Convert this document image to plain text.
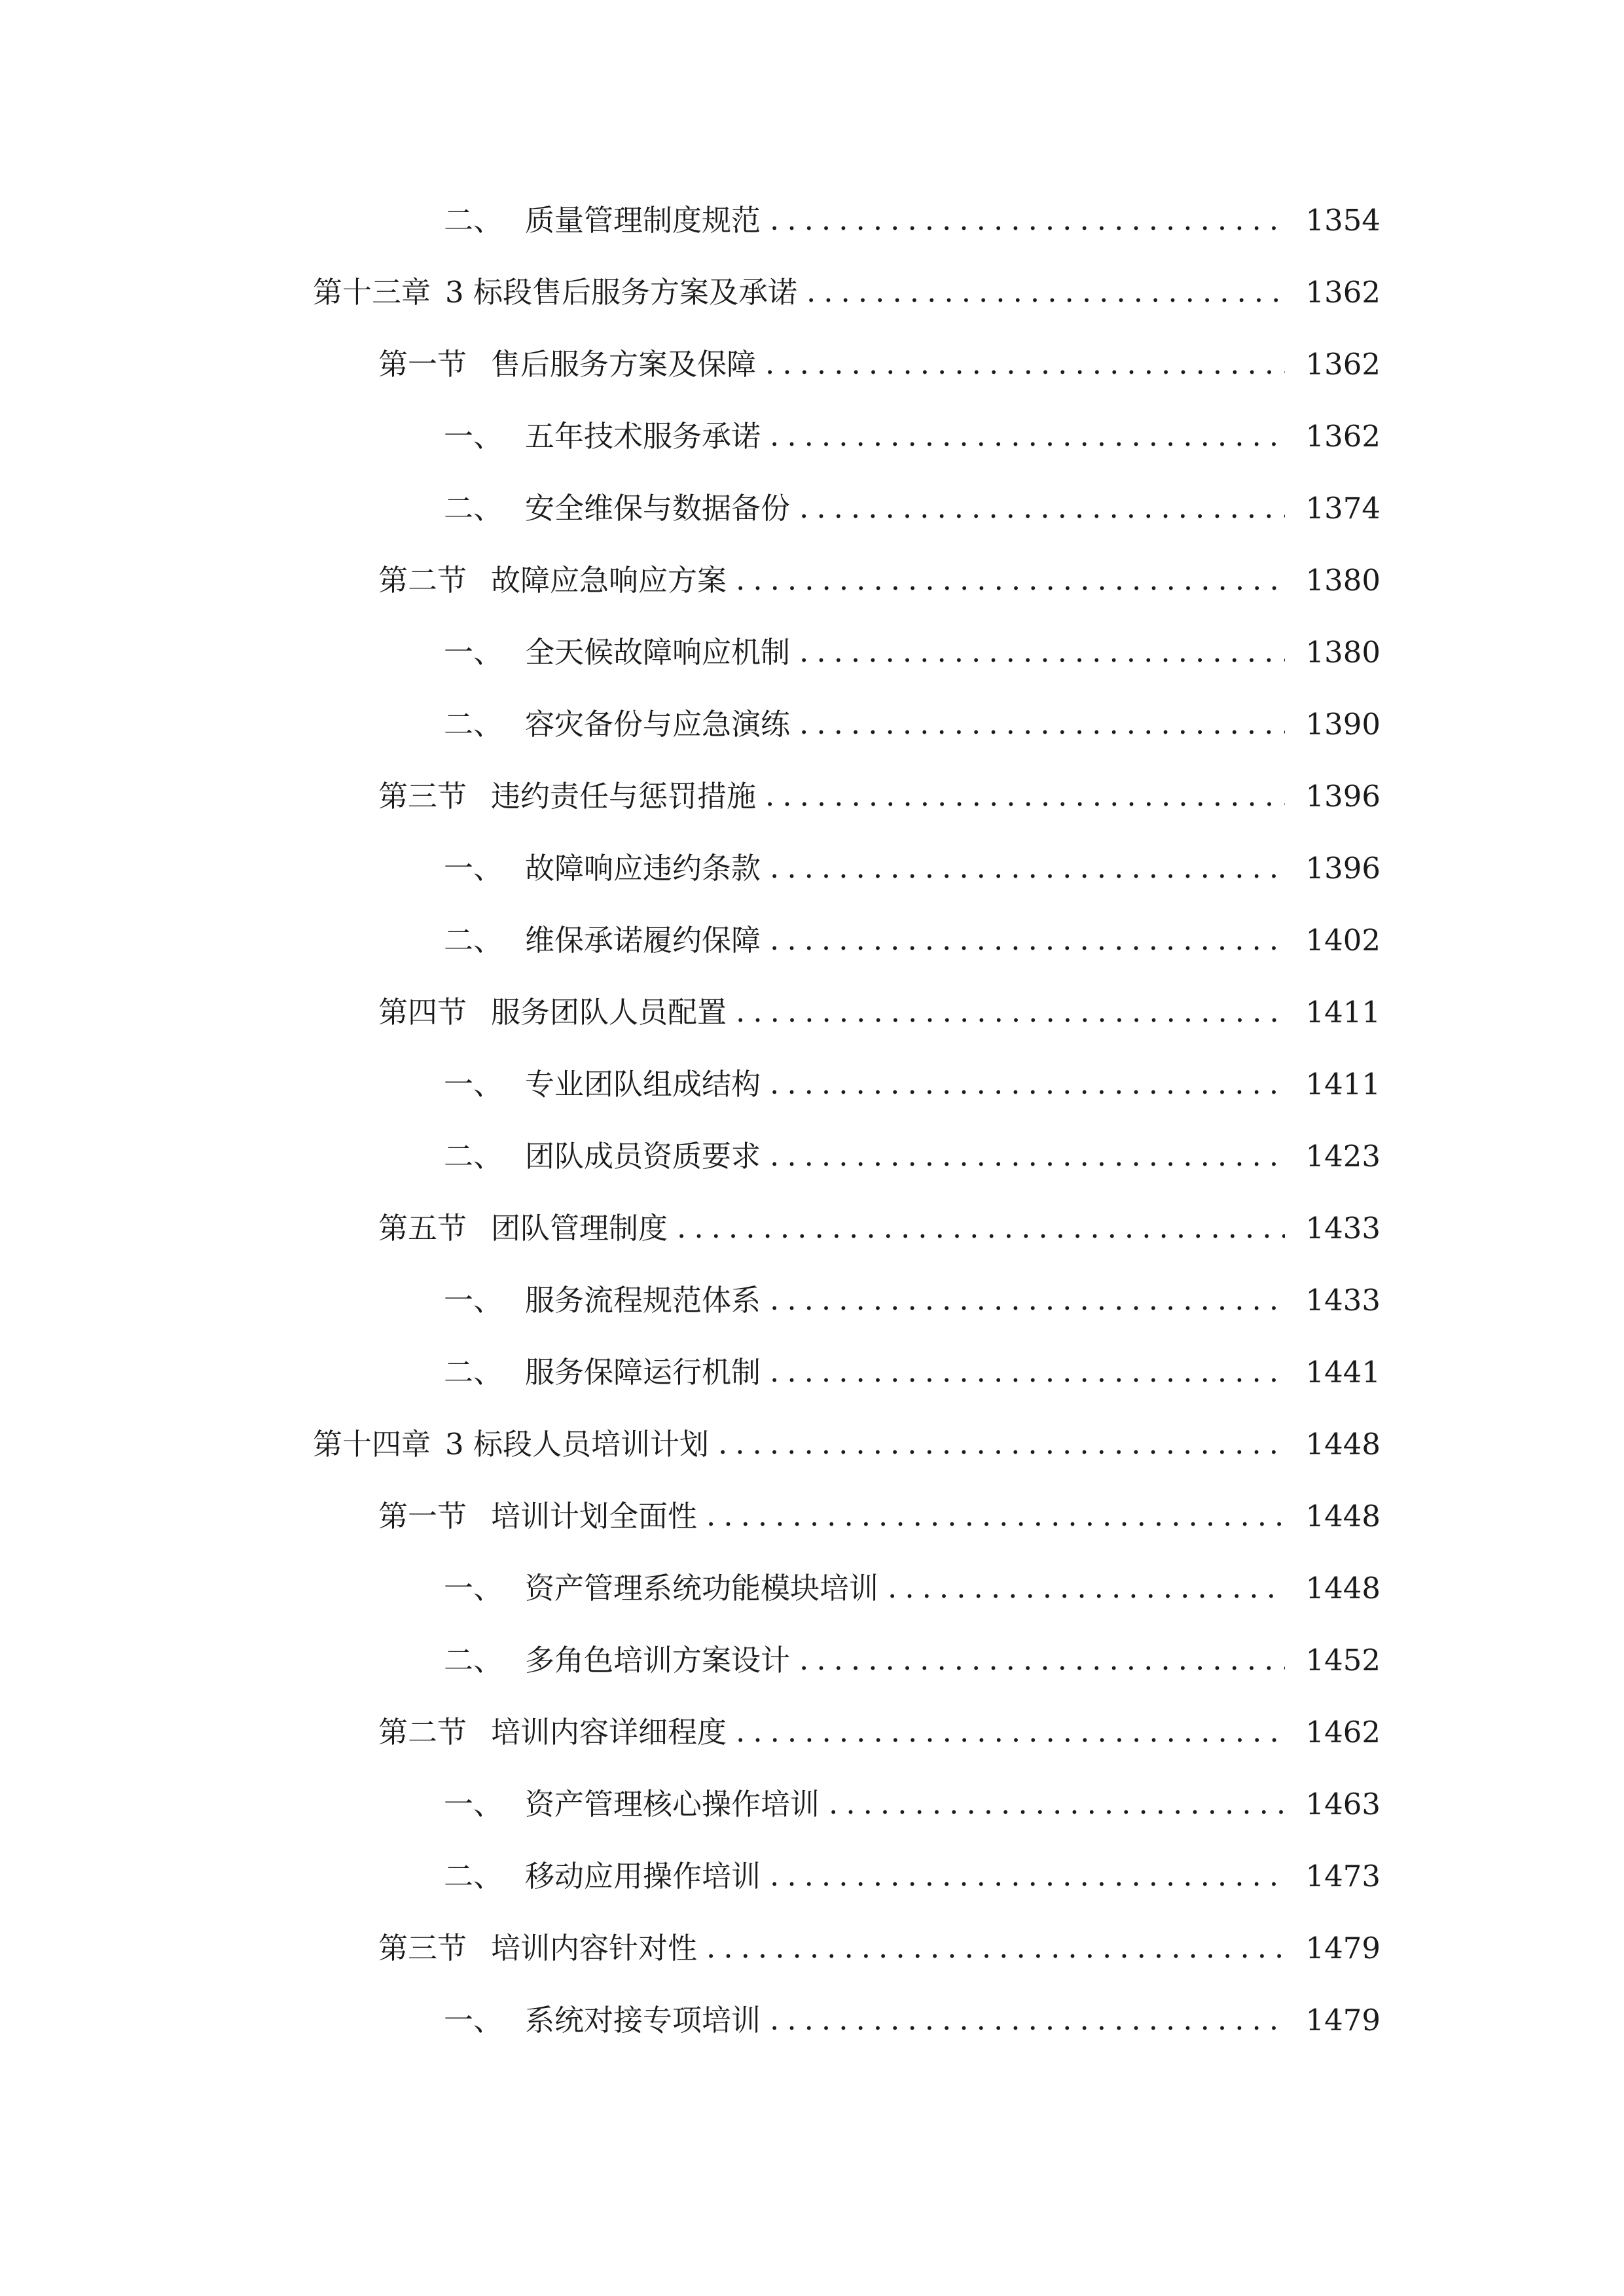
二、 质量管理制度规范 .....	1354
第十三章 3 标段售后服务方案及承诺 .....	1362
第一节 售后服务方案及保障 .....	1362
一、 五年技术服务承诺 .....	1362
二、 安全维保与数据备份 .....	1374
第二节 故障应急响应方案 .....	1380
一、 全天候故障响应机制 .....	1380
二、 容灾备份与应急演练 .....	1390
第三节 违约责任与惩罚措施 .....	1396
一、 故障响应违约条款 .....	1396
二、 维保承诺履约保障 .....	1402
第四节 服务团队人员配置 .....	1411
一、 专业团队组成结构 .....	1411
二、 团队成员资质要求 .....	1423
第五节 团队管理制度 .....	1433
一、 服务流程规范体系 .....	1433
二、 服务保障运行机制 .....	1441
第十四章 3 标段人员培训计划 .....	1448
第一节 培训计划全面性 .....	1448
一、 资产管理系统功能模块培训 .....	1448
二、 多角色培训方案设计 .....	1452
第二节 培训内容详细程度 .....	1462
一、 资产管理核心操作培训 .....	1463
二、 移动应用操作培训 .....	1473
第三节 培训内容针对性 .....	1479
一、 系统对接专项培训 .....	1479
